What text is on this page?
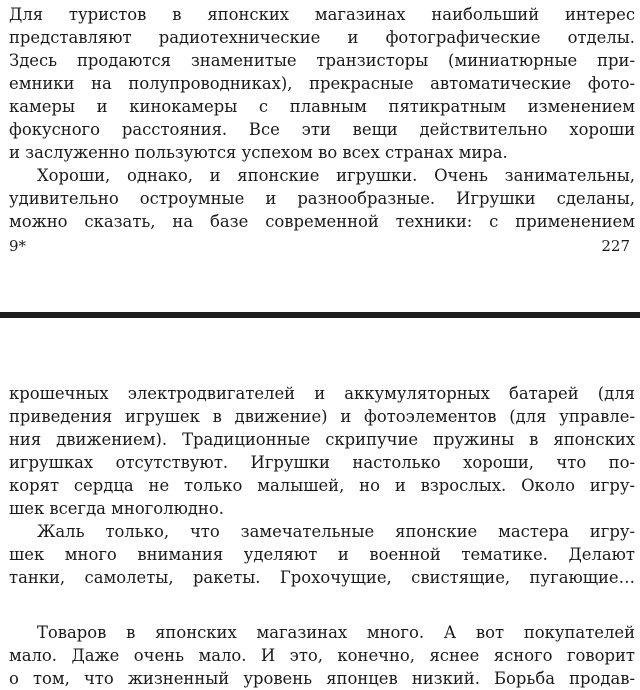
Для туристов в японских магазинах наибольший интерес
представляют радиотехнические и фотографические отделы.
Здесь продаются знаменитые транзисторы (миниатюрные при-
емники на полупроводниках), прекрасные автоматические фото-
камеры и кинокамеры с плавным пятикратным изменением
фокусного расстояния. Все эти вещи действительно хороши
и заслуженно пользуются успехом во всех странах мира.
Хороши, однако, и японские игрушки. Очень занимательны,
удивительно остроумные и разнообразные. Игрушки сделаны,
можно сказать, на базе современной техники: с применением
9*	227
крошечных электродвигателей и аккумуляторных батарей (для
приведения игрушек в движение) и фотоэлементов (для управле-
ния движением). Традиционные скрипучие пружины в японских
игрушках отсутствуют. Игрушки настолько хороши, что по-
корят сердца не только малышей, но и взрослых. Около игру-
шек всегда многолюдно.
Жаль только, что замечательные японские мастера игру-
шек много внимания уделяют и военной тематике. Делают
танки, самолеты, ракеты. Грохочущие, свистящие, пугающие…
Товаров в японских магазинах много. А вот покупателей
мало. Даже очень мало. И это, конечно, яснее ясного говорит
о том, что жизненный уровень японцев низкий. Борьба продав-
